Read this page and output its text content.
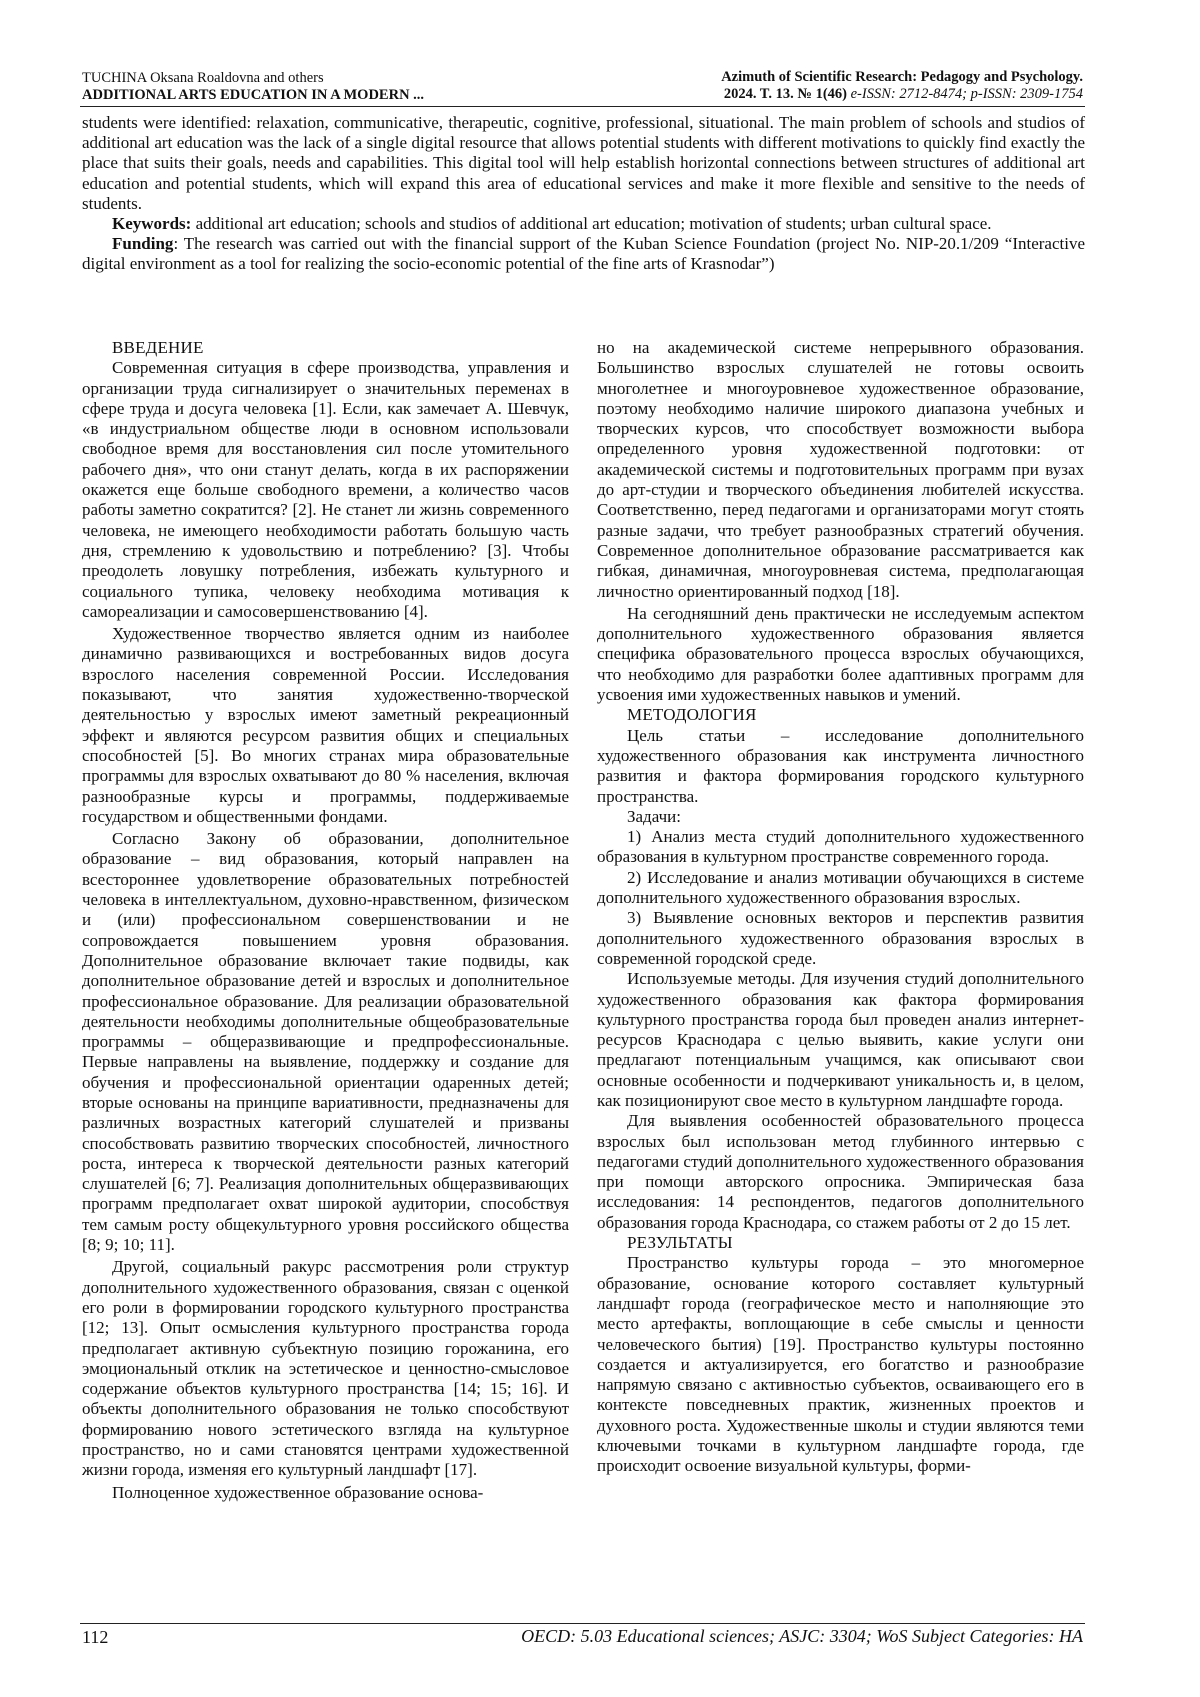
TUCHINA Oksana Roaldovna and others
ADDITIONAL ARTS EDUCATION IN A MODERN ...
Azimuth of Scientific Research: Pedagogy and Psychology.
2024. T. 13. № 1(46) e-ISSN: 2712-8474; p-ISSN: 2309-1754

students were identified: relaxation, communicative, therapeutic, cognitive, professional, situational. The main problem of schools and studios of additional art education was the lack of a single digital resource that allows potential students with different motivations to quickly find exactly the place that suits their goals, needs and capabilities. This digital tool will help establish horizontal connections between structures of additional art education and potential students, which will expand this area of educational services and make it more flexible and sensitive to the needs of students.

Keywords: additional art education; schools and studios of additional art education; motivation of students; urban cultural space.

Funding: The research was carried out with the financial support of the Kuban Science Foundation (project No. NIP-20.1/209 “Interactive digital environment as a tool for realizing the socio-economic potential of the fine arts of Krasnodar”)

ВВЕДЕНИЕ

Современная ситуация в сфере производства, управления и организации труда сигнализирует о значительных переменах в сфере труда и досуга человека [1]. Если, как замечает А. Шевчук, «в индустриальном обществе люди в основном использовали свободное время для восстановления сил после утомительного рабочего дня», что они станут делать, когда в их распоряжении окажется еще больше свободного времени, а количество часов работы заметно сократится? [2]. Не станет ли жизнь современного человека, не имеющего необходимости работать большую часть дня, стремлению к удовольствию и потреблению? [3]. Чтобы преодолеть ловушку потребления, избежать культурного и социального тупика, человеку необходима мотивация к самореализации и самосовершенствованию [4].

Художественное творчество является одним из наиболее динамично развивающихся и востребованных видов досуга взрослого населения современной России. Исследования показывают, что занятия художественно-творческой деятельностью у взрослых имеют заметный рекреационный эффект и являются ресурсом развития общих и специальных способностей [5]. Во многих странах мира образовательные программы для взрослых охватывают до 80 % населения, включая разнообразные курсы и программы, поддерживаемые государством и общественными фондами.

Согласно Закону об образовании, дополнительное образование – вид образования, который направлен на всестороннее удовлетворение образовательных потребностей человека в интеллектуальном, духовно-нравственном, физическом и (или) профессиональном совершенствовании и не сопровождается повышением уровня образования. Дополнительное образование включает такие подвиды, как дополнительное образование детей и взрослых и дополнительное профессиональное образование. Для реализации образовательной деятельности необходимы дополнительные общеобразовательные программы – общеразвивающие и предпрофессиональные. Первые направлены на выявление, поддержку и создание для обучения и профессиональной ориентации одаренных детей; вторые основаны на принципе вариативности, предназначены для различных возрастных категорий слушателей и призваны способствовать развитию творческих способностей, личностного роста, интереса к творческой деятельности разных категорий слушателей [6; 7]. Реализация дополнительных общеразвивающих программ предполагает охват широкой аудитории, способствуя тем самым росту общекультурного уровня российского общества [8; 9; 10; 11].

Другой, социальный ракурс рассмотрения роли структур дополнительного художественного образования, связан с оценкой его роли в формировании городского культурного пространства [12; 13]. Опыт осмысления культурного пространства города предполагает активную субъектную позицию горожанина, его эмоциональный отклик на эстетическое и ценностно-смысловое содержание объектов культурного пространства [14; 15; 16]. И объекты дополнительного образования не только способствуют формированию нового эстетического взгляда на культурное пространство, но и сами становятся центрами художественной жизни города, изменяя его культурный ландшафт [17].

Полноценное художественное образование основа-

но на академической системе непрерывного образования. Большинство взрослых слушателей не готовы освоить многолетнее и многоуровневое художественное образование, поэтому необходимо наличие широкого диапазона учебных и творческих курсов, что способствует возможности выбора определенного уровня художественной подготовки: от академической системы и подготовительных программ при вузах до арт-студии и творческого объединения любителей искусства. Соответственно, перед педагогами и организаторами могут стоять разные задачи, что требует разнообразных стратегий обучения. Современное дополнительное образование рассматривается как гибкая, динамичная, многоуровневая система, предполагающая личностно ориентированный подход [18].

На сегодняшний день практически не исследуемым аспектом дополнительного художественного образования является специфика образовательного процесса взрослых обучающихся, что необходимо для разработки более адаптивных программ для усвоения ими художественных навыков и умений.

МЕТОДОЛОГИЯ

Цель статьи – исследование дополнительного художественного образования как инструмента личностного развития и фактора формирования городского культурного пространства.

Задачи:

1) Анализ места студий дополнительного художественного образования в культурном пространстве современного города.

2) Исследование и анализ мотивации обучающихся в системе дополнительного художественного образования взрослых.

3) Выявление основных векторов и перспектив развития дополнительного художественного образования взрослых в современной городской среде.

Используемые методы. Для изучения студий дополнительного художественного образования как фактора формирования культурного пространства города был проведен анализ интернет-ресурсов Краснодара с целью выявить, какие услуги они предлагают потенциальным учащимся, как описывают свои основные особенности и подчеркивают уникальность и, в целом, как позиционируют свое место в культурном ландшафте города.

Для выявления особенностей образовательного процесса взрослых был использован метод глубинного интервью с педагогами студий дополнительного художественного образования при помощи авторского опросника. Эмпирическая база исследования: 14 респондентов, педагогов дополнительного образования города Краснодара, со стажем работы от 2 до 15 лет.

РЕЗУЛЬТАТЫ

Пространство культуры города – это многомерное образование, основание которого составляет культурный ландшафт города (географическое место и наполняющие это место артефакты, воплощающие в себе смыслы и ценности человеческого бытия) [19]. Пространство культуры постоянно создается и актуализируется, его богатство и разнообразие напрямую связано с активностью субъектов, осваивающего его в контексте повседневных практик, жизненных проектов и духовного роста. Художественные школы и студии являются теми ключевыми точками в культурном ландшафте города, где происходит освоение визуальной культуры, форми-

112	OECD: 5.03 Educational sciences; ASJC: 3304; WoS Subject Categories: HA
